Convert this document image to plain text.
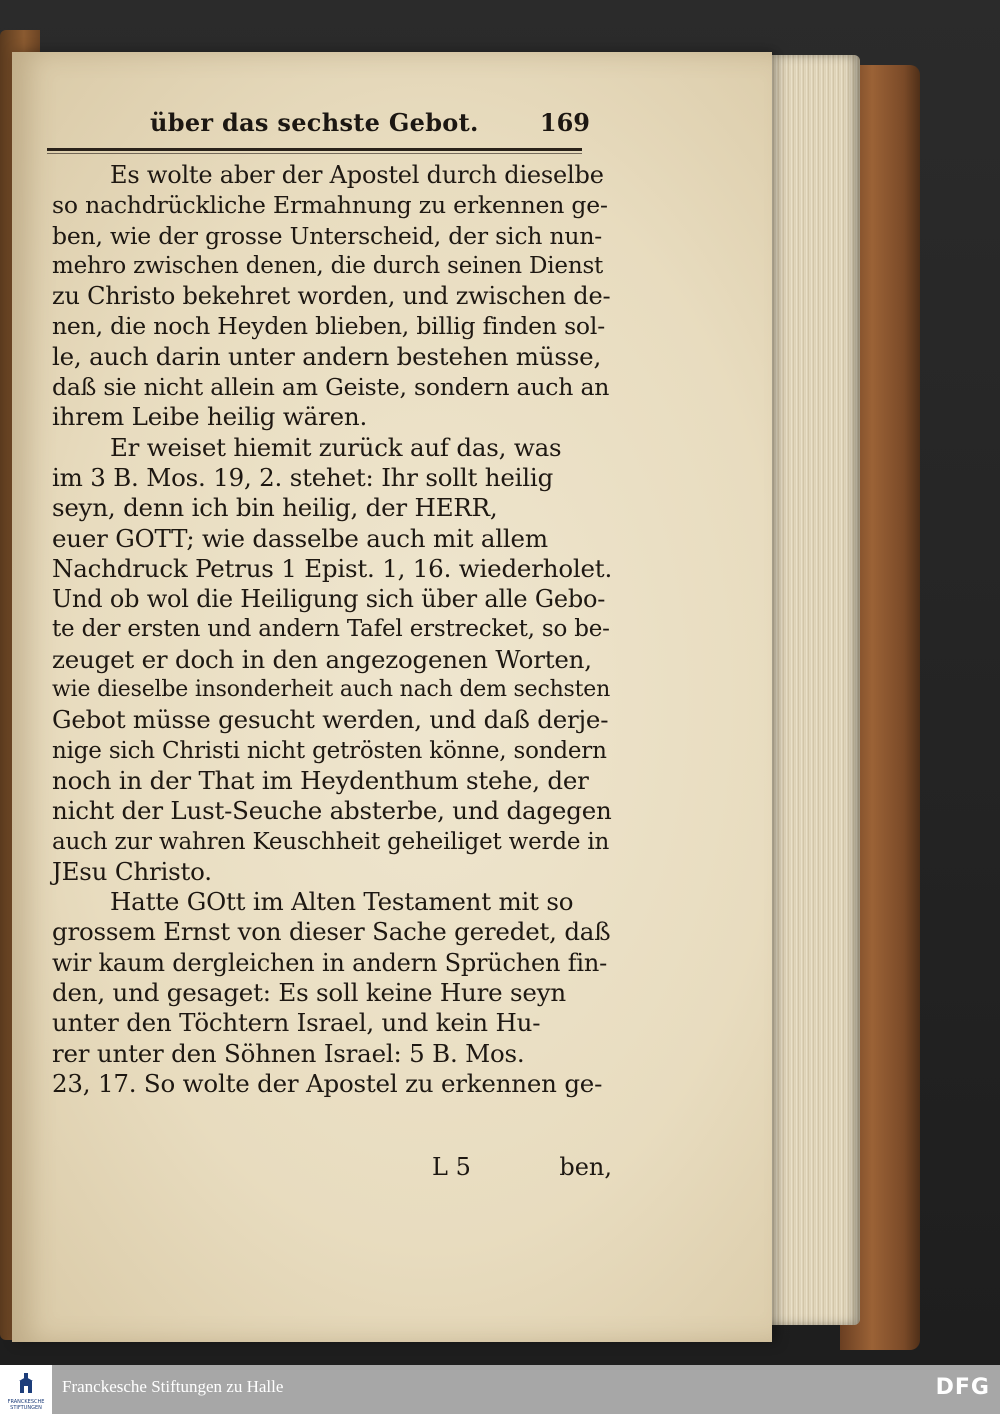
über das sechste Gebot.	169
Es wolte aber der Apostel durch dieselbe
so nachdrückliche Ermahnung zu erkennen ge-
ben, wie der grosse Unterscheid, der sich nun-
mehro zwischen denen, die durch seinen Dienst
zu Christo bekehret worden, und zwischen de-
nen, die noch Heyden blieben, billig finden sol-
le, auch darin unter andern bestehen müsse,
daß sie nicht allein am Geiste, sondern auch an
ihrem Leibe heilig wären.
Er weiset hiemit zurück auf das, was
im 3 B. Mos. 19, 2. stehet: Ihr sollt heilig
seyn, denn ich bin heilig, der HERR,
euer GOTT; wie dasselbe auch mit allem
Nachdruck Petrus 1 Epist. 1, 16. wiederholet.
Und ob wol die Heiligung sich über alle Gebo-
te der ersten und andern Tafel erstrecket, so be-
zeuget er doch in den angezogenen Worten,
wie dieselbe insonderheit auch nach dem sechsten
Gebot müsse gesucht werden, und daß derje-
nige sich Christi nicht getrösten könne, sondern
noch in der That im Heydenthum stehe, der
nicht der Lust-Seuche absterbe, und dagegen
auch zur wahren Keuschheit geheiliget werde in
JEsu Christo.
Hatte GOtt im Alten Testament mit so
grossem Ernst von dieser Sache geredet, daß
wir kaum dergleichen in andern Sprüchen fin-
den, und gesaget: Es soll keine Hure seyn
unter den Töchtern Israel, und kein Hu-
rer unter den Söhnen Israel: 5 B. Mos.
23, 17. So wolte der Apostel zu erkennen ge-
L 5	ben,
FRANCKESCHE STIFTUNGEN
Franckesche Stiftungen zu Halle	DFG
